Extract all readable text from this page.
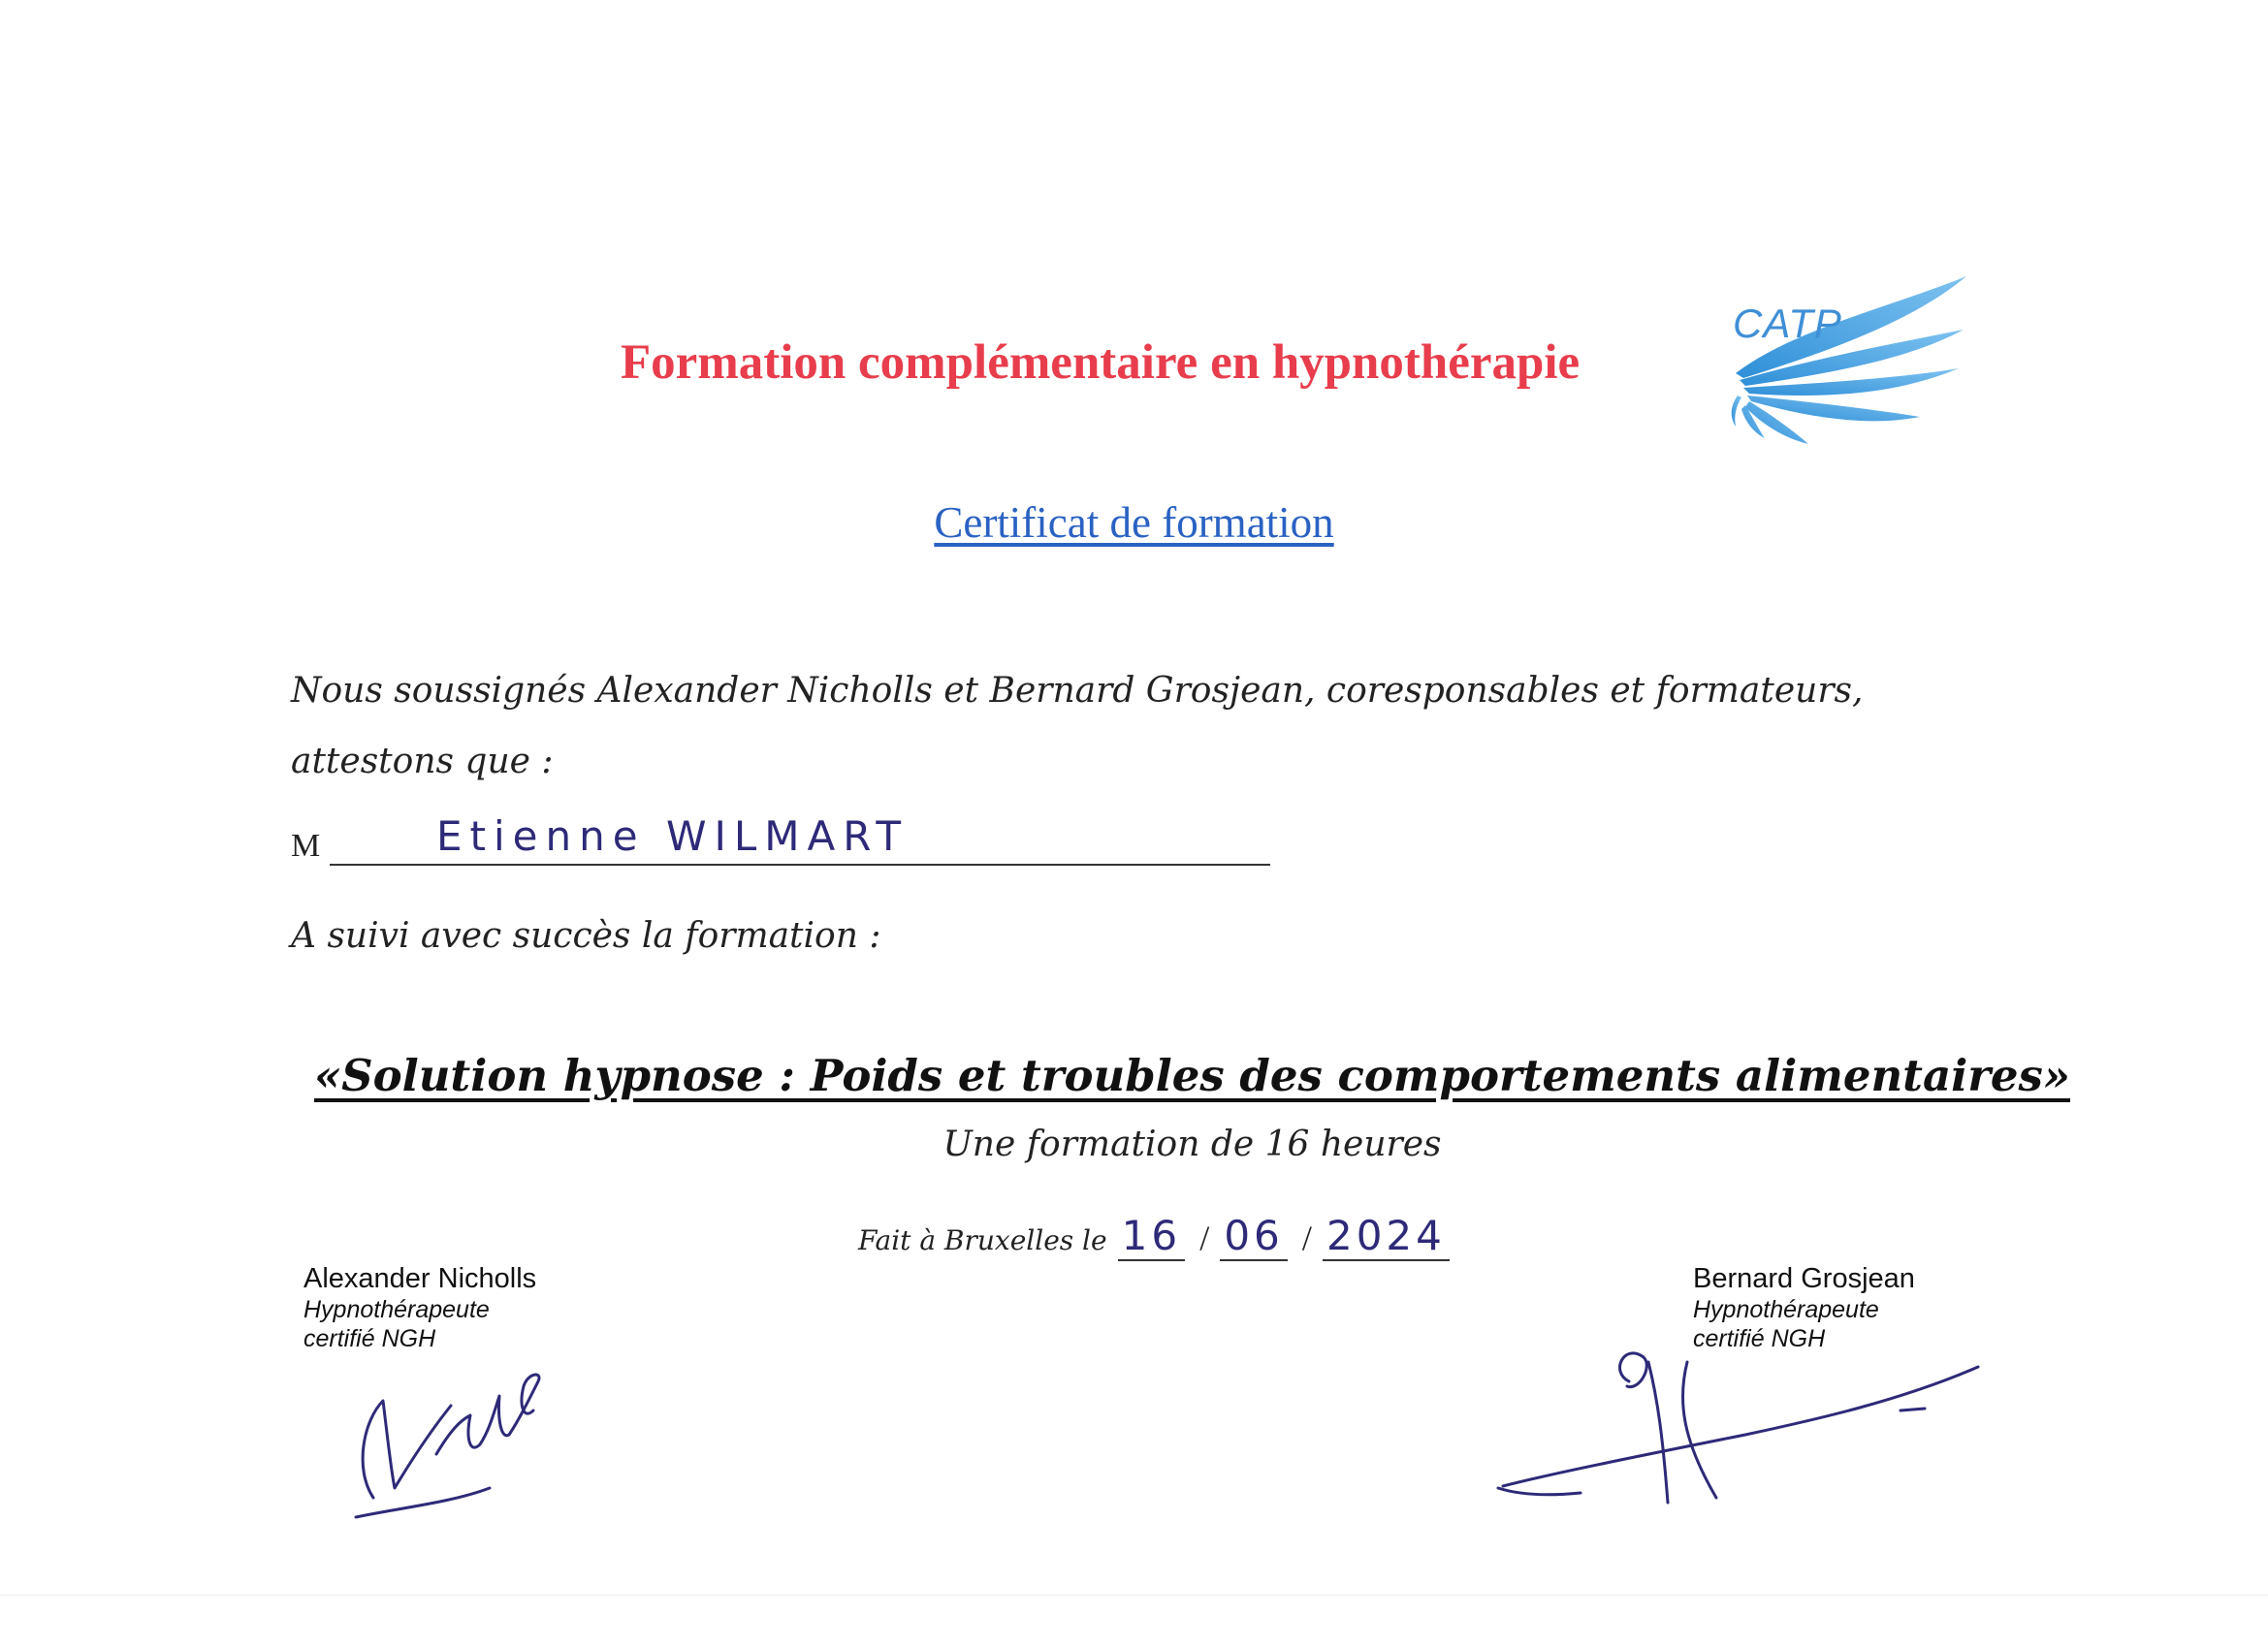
Formation complémentaire en hypnothérapie
CATP
Certificat de formation
Nous soussignés Alexander Nicholls et Bernard Grosjean, coresponsables et formateurs,
attestons que :
M	Etienne WILMART
A suivi avec succès la formation :
«Solution hypnose : Poids et troubles des comportements alimentaires»
Une formation de 16 heures
Fait à Bruxelles le 16 / 06 / 2024
Alexander Nicholls
Hypnothérapeute
certifié NGH
Bernard Grosjean
Hypnothérapeute
certifié NGH
